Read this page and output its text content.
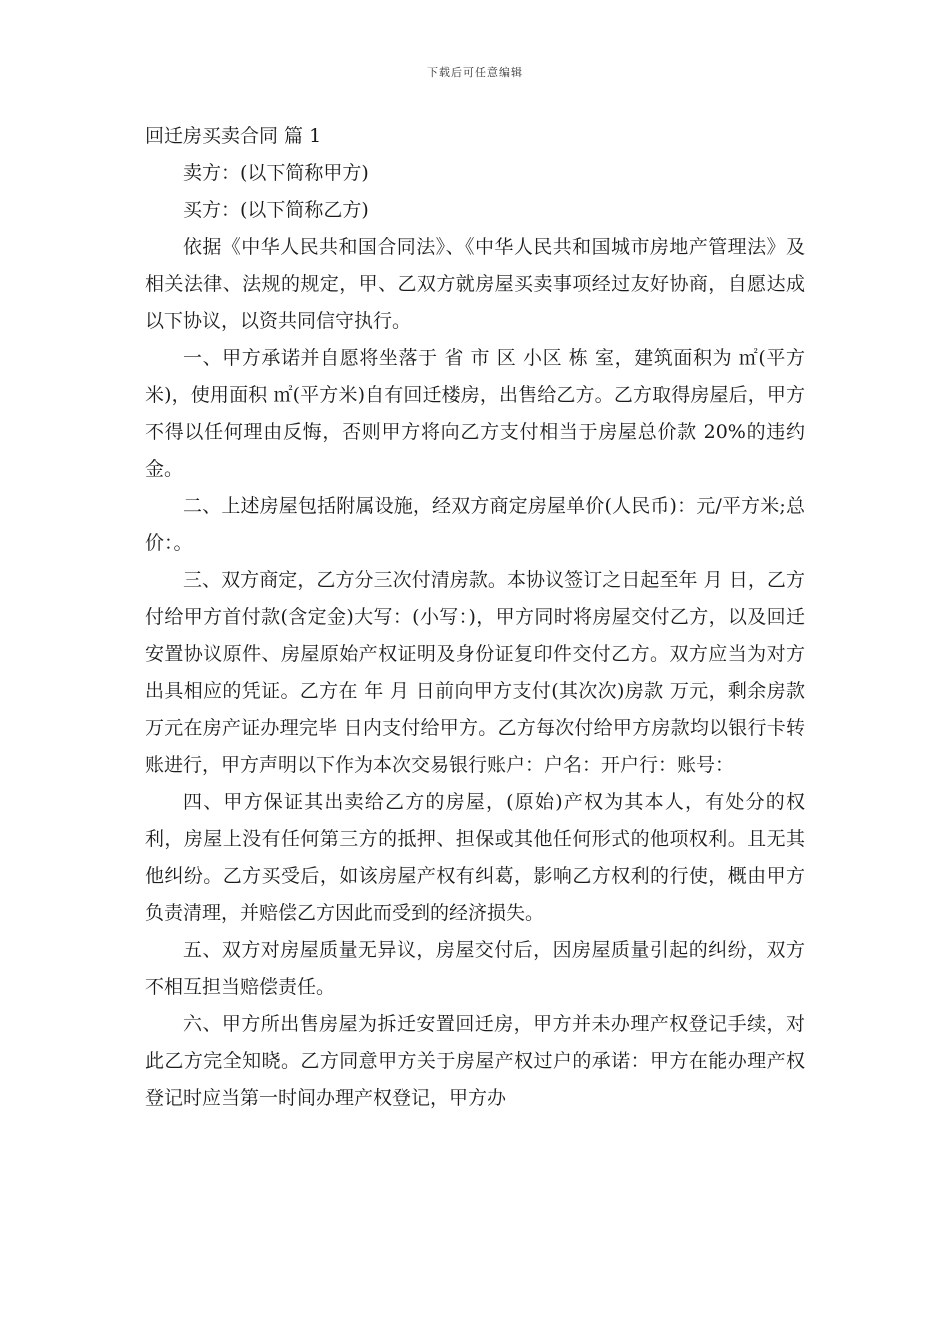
下载后可任意编辑
回迁房买卖合同 篇 1

卖方：(以下简称甲方)

买方：(以下简称乙方)

依据《中华人民共和国合同法》、《中华人民共和国城市房地产管理法》及相关法律、法规的规定，甲、乙双方就房屋买卖事项经过友好协商，自愿达成以下协议，以资共同信守执行。

一、甲方承诺并自愿将坐落于 省 市 区 小区 栋 室，建筑面积为 ㎡(平方米)，使用面积 ㎡(平方米)自有回迁楼房，出售给乙方。乙方取得房屋后，甲方不得以任何理由反悔，否则甲方将向乙方支付相当于房屋总价款 20%的违约金。

二、上述房屋包括附属设施，经双方商定房屋单价(人民币)：元/平方米;总价：。

三、双方商定，乙方分三次付清房款。本协议签订之日起至年 月 日，乙方付给甲方首付款(含定金)大写：(小写：)，甲方同时将房屋交付乙方，以及回迁安置协议原件、房屋原始产权证明及身份证复印件交付乙方。双方应当为对方出具相应的凭证。乙方在 年 月 日前向甲方支付(其次次)房款 万元，剩余房款 万元在房产证办理完毕 日内支付给甲方。乙方每次付给甲方房款均以银行卡转账进行，甲方声明以下作为本次交易银行账户：户名：开户行：账号：

四、甲方保证其出卖给乙方的房屋，(原始)产权为其本人，有处分的权利，房屋上没有任何第三方的抵押、担保或其他任何形式的他项权利。且无其他纠纷。乙方买受后，如该房屋产权有纠葛，影响乙方权利的行使，概由甲方负责清理，并赔偿乙方因此而受到的经济损失。

五、双方对房屋质量无异议，房屋交付后，因房屋质量引起的纠纷，双方不相互担当赔偿责任。

六、甲方所出售房屋为拆迁安置回迁房，甲方并未办理产权登记手续，对此乙方完全知晓。乙方同意甲方关于房屋产权过户的承诺：甲方在能办理产权登记时应当第一时间办理产权登记，甲方办
